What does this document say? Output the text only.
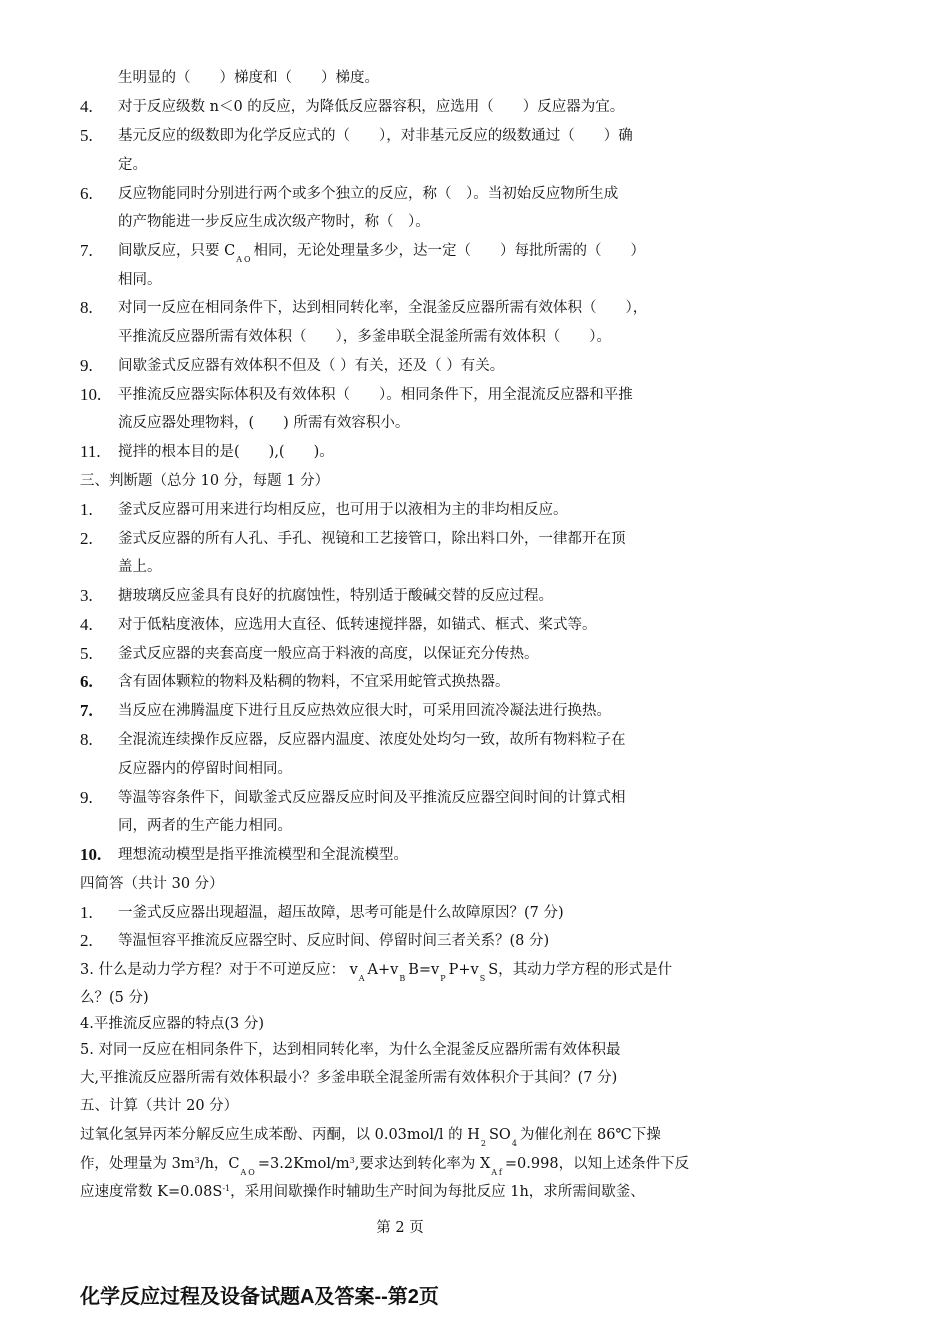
生明显的（　　）梯度和（　　）梯度。
4.	对于反应级数 n＜0 的反应，为降低反应器容积，应选用（　　）反应器为宜。
5.	基元反应的级数即为化学反应式的（　　），对非基元反应的级数通过（　　）确
定。
6.	反应物能同时分别进行两个或多个独立的反应，称（　）。当初始反应物所生成
的产物能进一步反应生成次级产物时，称（　）。
7.	间歇反应，只要 $C_{AO}$相同，无论处理量多少，达一定（　　）每批所需的（　　）
相同。
8.	对同一反应在相同条件下，达到相同转化率，全混釜反应器所需有效体积（　　），
平推流反应器所需有效体积（　　），多釜串联全混釜所需有效体积（　　）。
9.	间歇釜式反应器有效体积不但及（ ）有关，还及（ ）有关。
10.	平推流反应器实际体积及有效体积（　　）。相同条件下，用全混流反应器和平推
流反应器处理物料，(　　) 所需有效容积小。
11.	搅拌的根本目的是(　　),(　　)。
三、判断题（总分 10 分，每题 1 分）
1.	釜式反应器可用来进行均相反应，也可用于以液相为主的非均相反应。
2.	釜式反应器的所有人孔、手孔、视镜和工艺接管口，除出料口外，一律都开在顶
盖上。
3.	搪玻璃反应釜具有良好的抗腐蚀性，特别适于酸碱交替的反应过程。
4.	对于低粘度液体，应选用大直径、低转速搅拌器，如锚式、框式、桨式等。
5.	釜式反应器的夹套高度一般应高于料液的高度，以保证充分传热。
6.	含有固体颗粒的物料及粘稠的物料，不宜采用蛇管式换热器。
7.	当反应在沸腾温度下进行且反应热效应很大时，可采用回流冷凝法进行换热。
8.	全混流连续操作反应器，反应器内温度、浓度处处均匀一致，故所有物料粒子在
反应器内的停留时间相同。
9.	等温等容条件下，间歇釜式反应器反应时间及平推流反应器空间时间的计算式相
同，两者的生产能力相同。
10.	理想流动模型是指平推流模型和全混流模型。
四简答（共计 30 分）
1.	一釜式反应器出现超温，超压故障，思考可能是什么故障原因？(7 分)
2.	等温恒容平推流反应器空时、反应时间、停留时间三者关系？(8 分)
3. 什么是动力学方程？对于不可逆反应： $v_AA+v_BB=v_PP+v_SS$，其动力学方程的形式是什
么？(5 分)
4.平推流反应器的特点(3 分)
5. 对同一反应在相同条件下，达到相同转化率，为什么全混釜反应器所需有效体积最
大,平推流反应器所需有效体积最小？多釜串联全混釜所需有效体积介于其间？(7 分)
五、计算（共计 20 分）
过氧化氢异丙苯分解反应生成苯酚、丙酮，以 0.03mol/l 的 $H_2SO_4$为催化剂在 86℃下操
作，处理量为 $3m^3/h$，$C_{AO}=3.2Kmol/m^3$,要求达到转化率为 $X_{Af}=0.998$，以知上述条件下反
应速度常数 $K=0.08S^{-1}$，采用间歇操作时辅助生产时间为每批反应 1h，求所需间歇釜、
第 2 页
化学反应过程及设备试题A及答案--第2页
